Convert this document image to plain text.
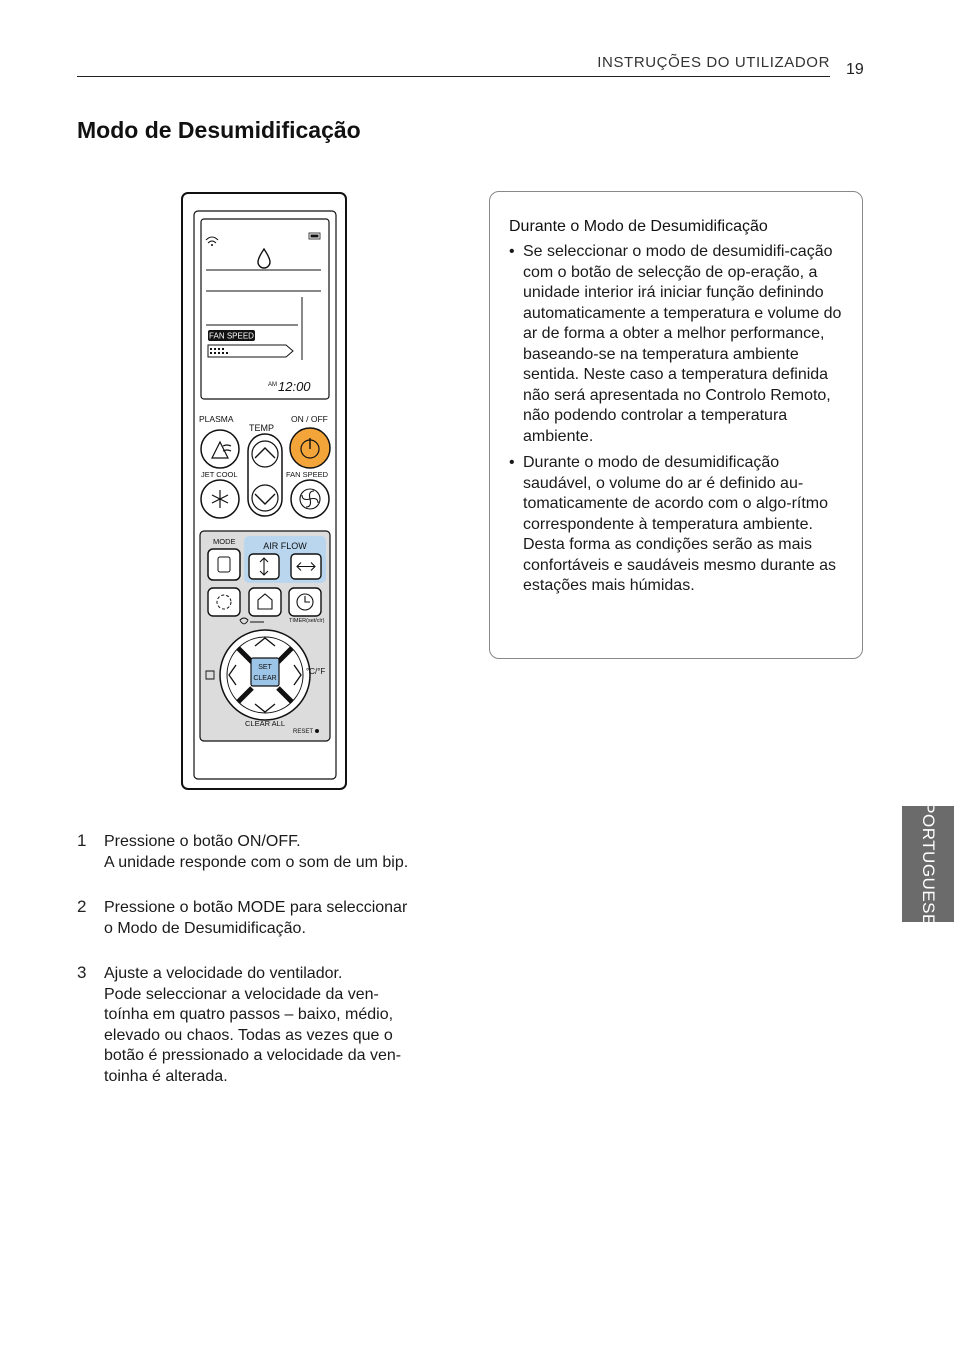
INSTRUÇÕES DO UTILIZADOR 19
Modo de Desumidificação
FAN SPEED
AM 12:00
PLASMA	ON / OFF
TEMP
JET COOL	FAN SPEED
MODE	AIR FLOW
TIMER(set/clr)
SET
CLEAR
°C/°F
CLEAR ALL
RESET
Durante o Modo de Desumidificação
• Se seleccionar o modo de desumidifi-cação com o botão de selecção de op-eração, a unidade interior irá iniciar função definindo automaticamente a temperatura e volume do ar de forma a obter a melhor performance, baseando-se na temperatura ambiente sentida. Neste caso a temperatura definida não será apresentada no Controlo Remoto, não podendo controlar a temperatura ambiente.
• Durante o modo de desumidificação saudável, o volume do ar é definido au-tomaticamente de acordo com o algo-rítmo correspondente à temperatura ambiente. Desta forma as condições serão as mais confortáveis e saudáveis mesmo durante as estações mais húmidas.
1 Pressione o botão ON/OFF.
A unidade responde com o som de um bip.
2 Pressione o botão MODE para seleccionar
o Modo de Desumidificação.
3 Ajuste a velocidade do ventilador.
Pode seleccionar a velocidade da ven-
toínha em quatro passos – baixo, médio,
elevado ou chaos. Todas as vezes que o
botão é pressionado a velocidade da ven-
toinha é alterada.
PORTUGUESE
